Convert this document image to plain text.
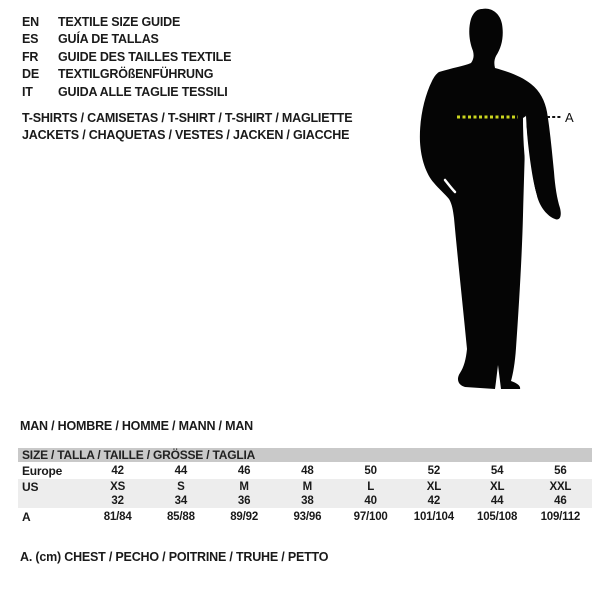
EN	TEXTILE SIZE GUIDE
ES	GUÍA DE TALLAS
FR	GUIDE DES TAILLES TEXTILE
DE	TEXTILGRÖßENFÜHRUNG
IT	GUIDA ALLE TAGLIE TESSILI
T-SHIRTS / CAMISETAS / T-SHIRT / T-SHIRT / MAGLIETTE
JACKETS / CHAQUETAS / VESTES / JACKEN / GIACCHE
A
MAN / HOMBRE / HOMME / MANN / MAN
SIZE / TALLA / TAILLE / GRÖSSE / TAGLIA
Europe	42	44	46	48	50	52	54	56
US	XS	S	M	M	L	XL	XL	XXL
32	34	36	38	40	42	44	46
A	81/84	85/88	89/92	93/96	97/100	101/104	105/108	109/112
A. (cm) CHEST / PECHO / POITRINE / TRUHE / PETTO
